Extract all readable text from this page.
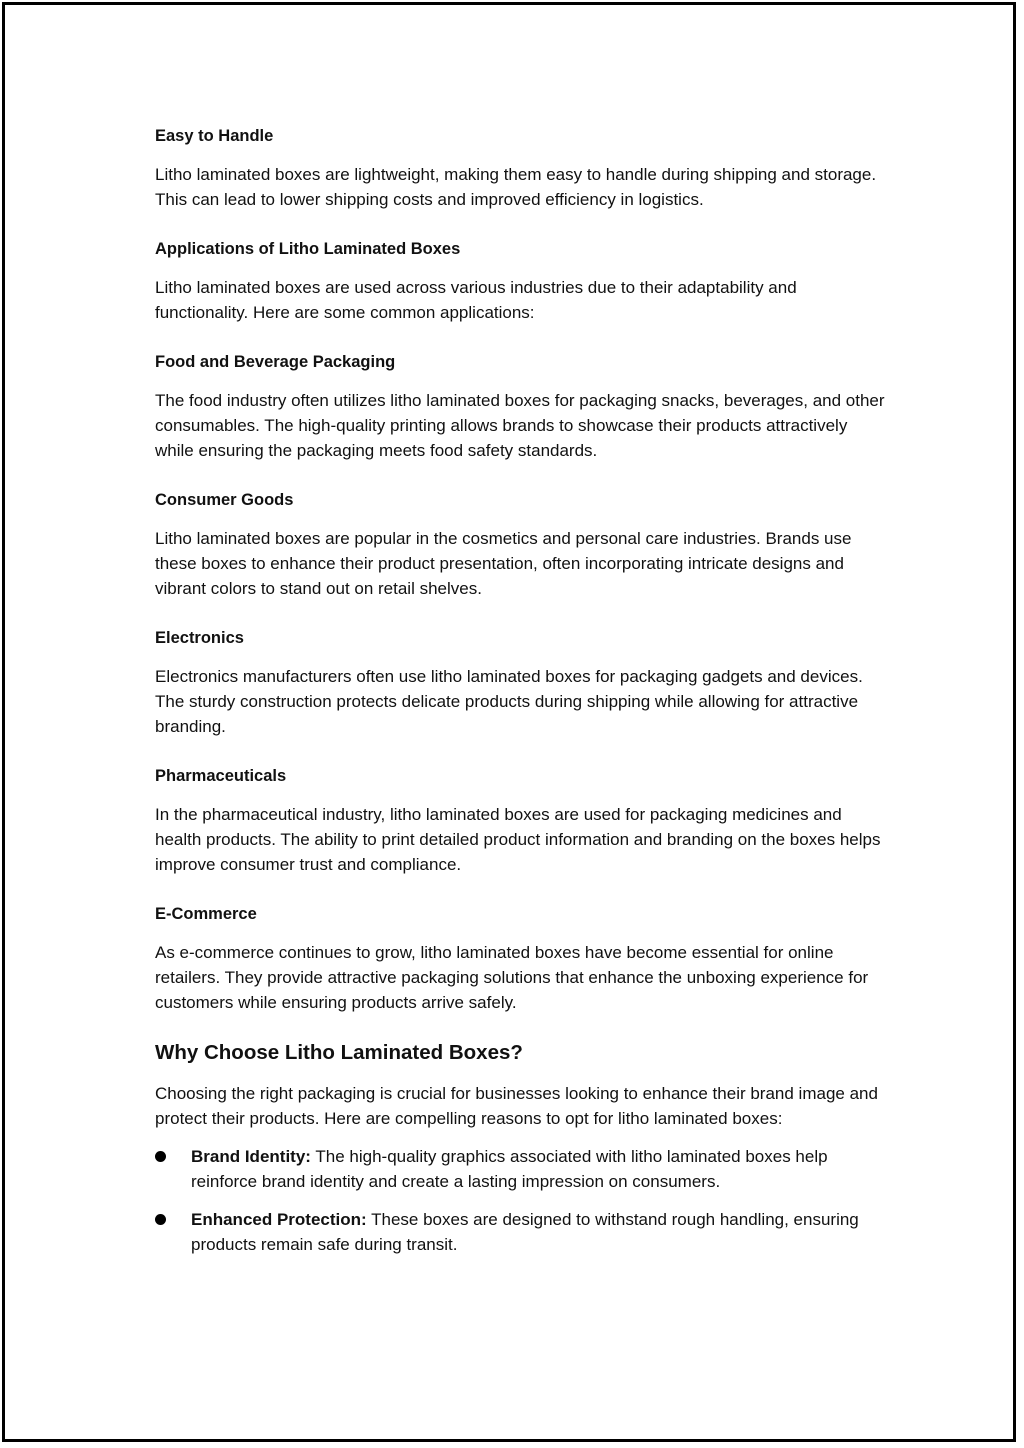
Easy to Handle

Litho laminated boxes are lightweight, making them easy to handle during shipping and storage. This can lead to lower shipping costs and improved efficiency in logistics.

Applications of Litho Laminated Boxes

Litho laminated boxes are used across various industries due to their adaptability and functionality. Here are some common applications:

Food and Beverage Packaging

The food industry often utilizes litho laminated boxes for packaging snacks, beverages, and other consumables. The high-quality printing allows brands to showcase their products attractively while ensuring the packaging meets food safety standards.

Consumer Goods

Litho laminated boxes are popular in the cosmetics and personal care industries. Brands use these boxes to enhance their product presentation, often incorporating intricate designs and vibrant colors to stand out on retail shelves.

Electronics

Electronics manufacturers often use litho laminated boxes for packaging gadgets and devices. The sturdy construction protects delicate products during shipping while allowing for attractive branding.

Pharmaceuticals

In the pharmaceutical industry, litho laminated boxes are used for packaging medicines and health products. The ability to print detailed product information and branding on the boxes helps improve consumer trust and compliance.

E-Commerce

As e-commerce continues to grow, litho laminated boxes have become essential for online retailers. They provide attractive packaging solutions that enhance the unboxing experience for customers while ensuring products arrive safely.

Why Choose Litho Laminated Boxes?

Choosing the right packaging is crucial for businesses looking to enhance their brand image and protect their products. Here are compelling reasons to opt for litho laminated boxes:

Brand Identity: The high-quality graphics associated with litho laminated boxes help reinforce brand identity and create a lasting impression on consumers.
Enhanced Protection: These boxes are designed to withstand rough handling, ensuring products remain safe during transit.
